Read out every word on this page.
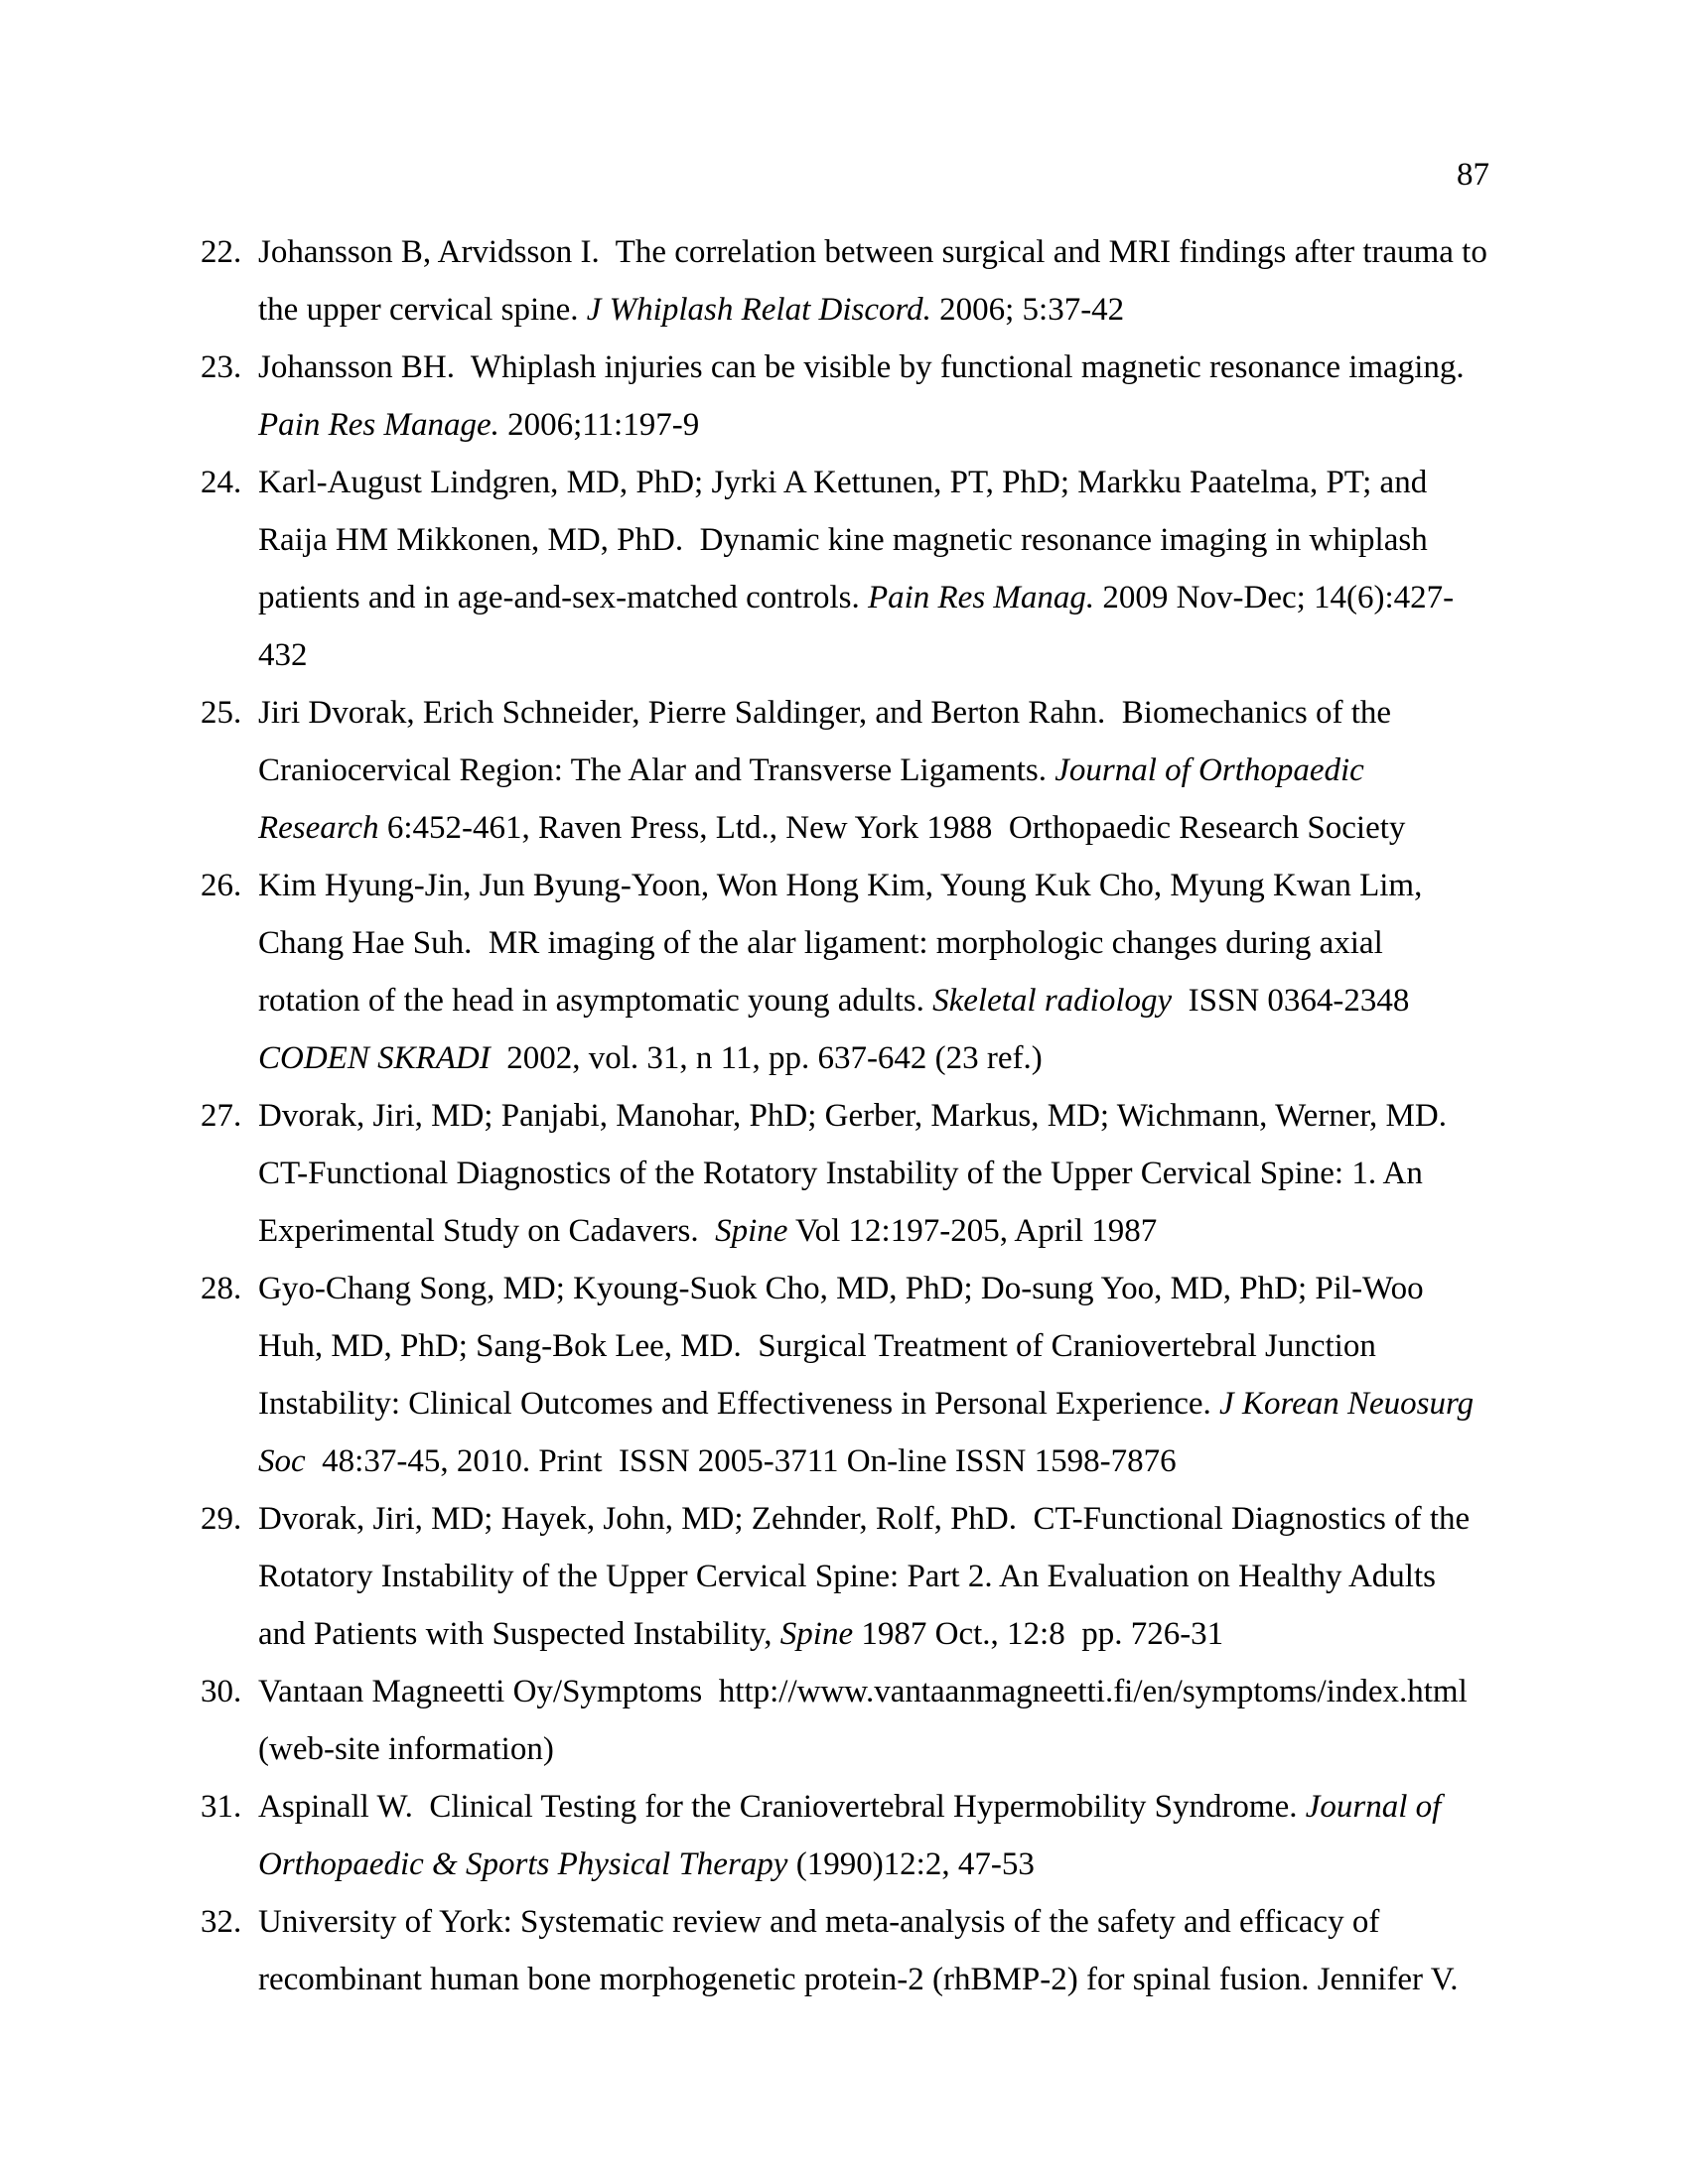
87
22. Johansson B, Arvidsson I.  The correlation between surgical and MRI findings after trauma to the upper cervical spine. J Whiplash Relat Discord. 2006; 5:37-42
23. Johansson BH.  Whiplash injuries can be visible by functional magnetic resonance imaging. Pain Res Manage. 2006;11:197-9
24. Karl-August Lindgren, MD, PhD; Jyrki A Kettunen, PT, PhD; Markku Paatelma, PT; and Raija HM Mikkonen, MD, PhD.  Dynamic kine magnetic resonance imaging in whiplash patients and in age-and-sex-matched controls. Pain Res Manag. 2009 Nov-Dec; 14(6):427-432
25. Jiri Dvorak, Erich Schneider, Pierre Saldinger, and Berton Rahn.  Biomechanics of the Craniocervical Region: The Alar and Transverse Ligaments. Journal of Orthopaedic Research 6:452-461, Raven Press, Ltd., New York 1988  Orthopaedic Research Society
26. Kim Hyung-Jin, Jun Byung-Yoon, Won Hong Kim, Young Kuk Cho, Myung Kwan Lim, Chang Hae Suh.  MR imaging of the alar ligament: morphologic changes during axial rotation of the head in asymptomatic young adults. Skeletal radiology  ISSN 0364-2348 CODEN SKRADI  2002, vol. 31, n 11, pp. 637-642 (23 ref.)
27. Dvorak, Jiri, MD; Panjabi, Manohar, PhD; Gerber, Markus, MD; Wichmann, Werner, MD.  CT-Functional Diagnostics of the Rotatory Instability of the Upper Cervical Spine: 1. An Experimental Study on Cadavers.  Spine Vol 12:197-205, April 1987
28. Gyo-Chang Song, MD; Kyoung-Suok Cho, MD, PhD; Do-sung Yoo, MD, PhD; Pil-Woo Huh, MD, PhD; Sang-Bok Lee, MD.  Surgical Treatment of Craniovertebral Junction Instability: Clinical Outcomes and Effectiveness in Personal Experience. J Korean Neuosurg Soc  48:37-45, 2010. Print  ISSN 2005-3711 On-line ISSN 1598-7876
29. Dvorak, Jiri, MD; Hayek, John, MD; Zehnder, Rolf, PhD.  CT-Functional Diagnostics of the Rotatory Instability of the Upper Cervical Spine: Part 2. An Evaluation on Healthy Adults and Patients with Suspected Instability, Spine 1987 Oct., 12:8  pp. 726-31
30. Vantaan Magneetti Oy/Symptoms  http://www.vantaanmagneetti.fi/en/symptoms/index.html (web-site information)
31. Aspinall W.  Clinical Testing for the Craniovertebral Hypermobility Syndrome. Journal of Orthopaedic & Sports Physical Therapy (1990)12:2, 47-53
32. University of York: Systematic review and meta-analysis of the safety and efficacy of recombinant human bone morphogenetic protein-2 (rhBMP-2) for spinal fusion. Jennifer V.
